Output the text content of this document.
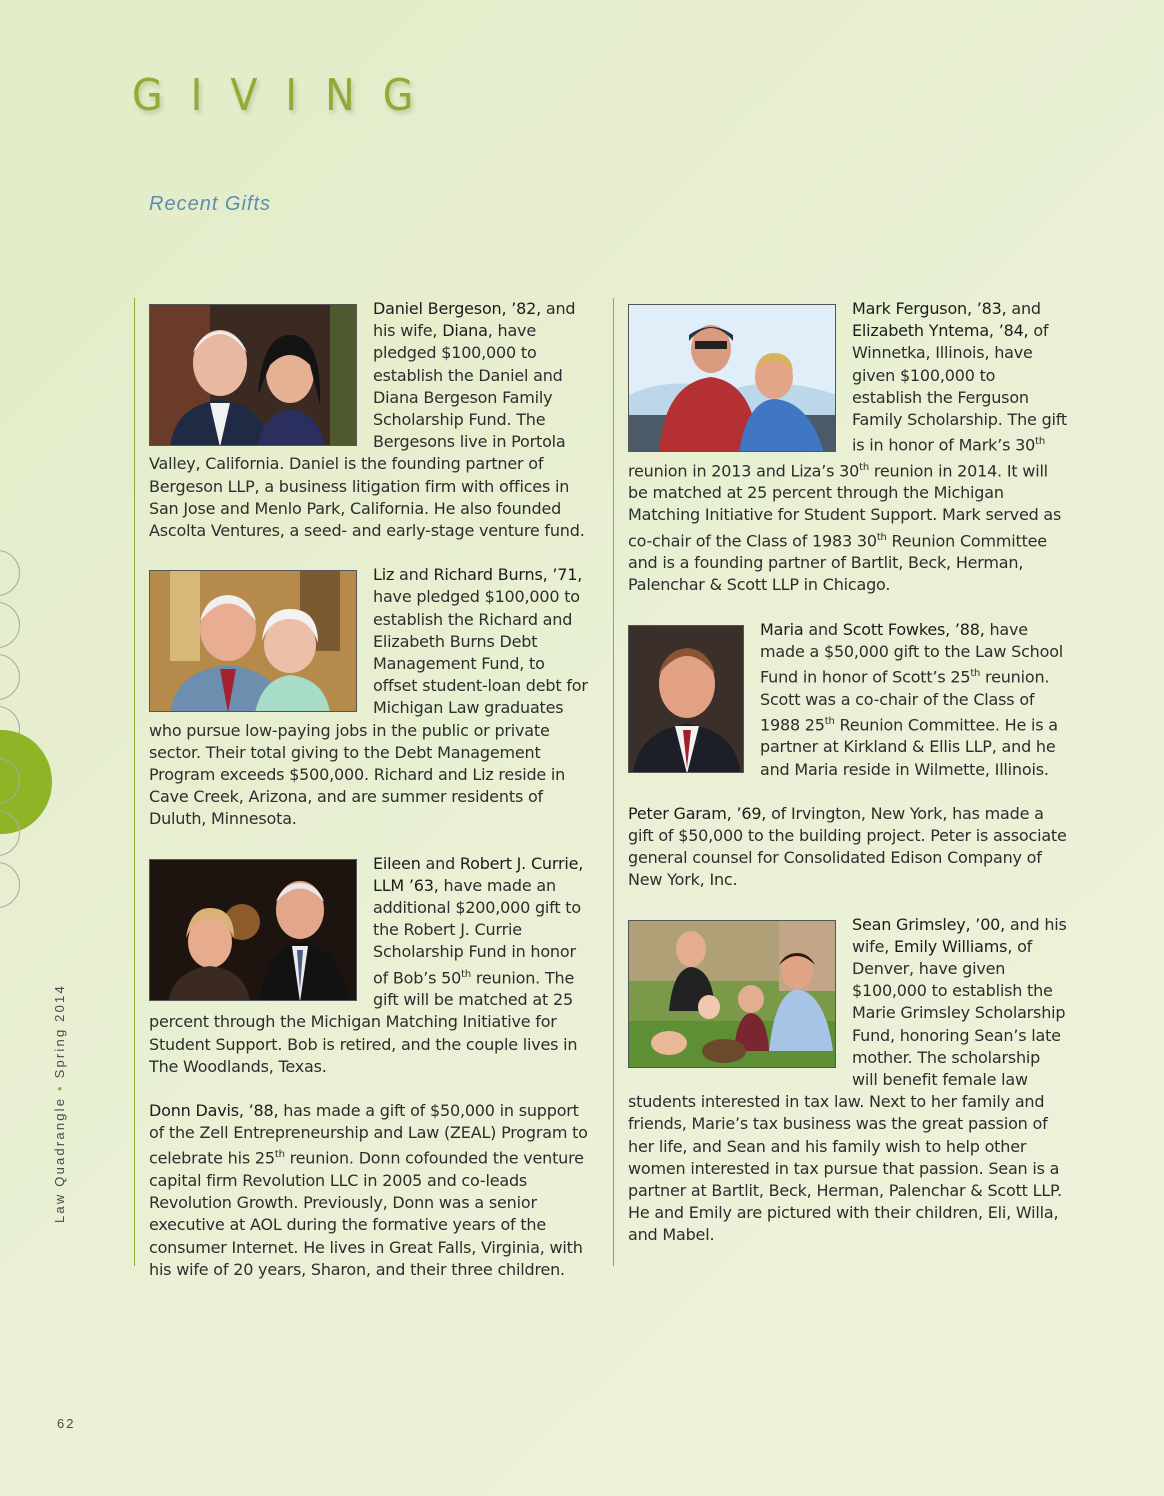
GIVING
Recent Gifts

Daniel Bergeson, ’82, and his wife, Diana, have pledged $100,000 to establish the Daniel and Diana Bergeson Family Scholarship Fund. The Bergesons live in Portola Valley, California. Daniel is the founding partner of Bergeson LLP, a business litigation firm with offices in San Jose and Menlo Park, California. He also founded Ascolta Ventures, a seed- and early-stage venture fund.

Liz and Richard Burns, ’71, have pledged $100,000 to establish the Richard and Elizabeth Burns Debt Management Fund, to offset student-loan debt for Michigan Law graduates who pursue low-paying jobs in the public or private sector. Their total giving to the Debt Management Program exceeds $500,000. Richard and Liz reside in Cave Creek, Arizona, and are summer residents of Duluth, Minnesota.

Eileen and Robert J. Currie, LLM ’63, have made an additional $200,000 gift to the Robert J. Currie Scholarship Fund in honor of Bob’s 50th reunion. The gift will be matched at 25 percent through the Michigan Matching Initiative for Student Support. Bob is retired, and the couple lives in The Woodlands, Texas.

Donn Davis, ’88, has made a gift of $50,000 in support of the Zell Entrepreneurship and Law (ZEAL) Program to celebrate his 25th reunion. Donn cofounded the venture capital firm Revolution LLC in 2005 and co-leads Revolution Growth. Previously, Donn was a senior executive at AOL during the formative years of the consumer Internet. He lives in Great Falls, Virginia, with his wife of 20 years, Sharon, and their three children.

Mark Ferguson, ’83, and Elizabeth Yntema, ’84, of Winnetka, Illinois, have given $100,000 to establish the Ferguson Family Scholarship. The gift is in honor of Mark’s 30th reunion in 2013 and Liza’s 30th reunion in 2014. It will be matched at 25 percent through the Michigan Matching Initiative for Student Support. Mark served as co-chair of the Class of 1983 30th Reunion Committee and is a founding partner of Bartlit, Beck, Herman, Palenchar & Scott LLP in Chicago.

Maria and Scott Fowkes, ’88, have made a $50,000 gift to the Law School Fund in honor of Scott’s 25th reunion. Scott was a co-chair of the Class of 1988 25th Reunion Committee. He is a partner at Kirkland & Ellis LLP, and he and Maria reside in Wilmette, Illinois.

Peter Garam, ’69, of Irvington, New York, has made a gift of $50,000 to the building project. Peter is associate general counsel for Consolidated Edison Company of New York, Inc.

Sean Grimsley, ’00, and his wife, Emily Williams, of Denver, have given $100,000 to establish the Marie Grimsley Scholarship Fund, honoring Sean’s late mother. The scholarship will benefit female law students interested in tax law. Next to her family and friends, Marie’s tax business was the great passion of her life, and Sean and his family wish to help other women interested in tax pursue that passion. Sean is a partner at Bartlit, Beck, Herman, Palenchar & Scott LLP. He and Emily are pictured with their children, Eli, Willa, and Mabel.

Law Quadrangle • Spring 2014
62
